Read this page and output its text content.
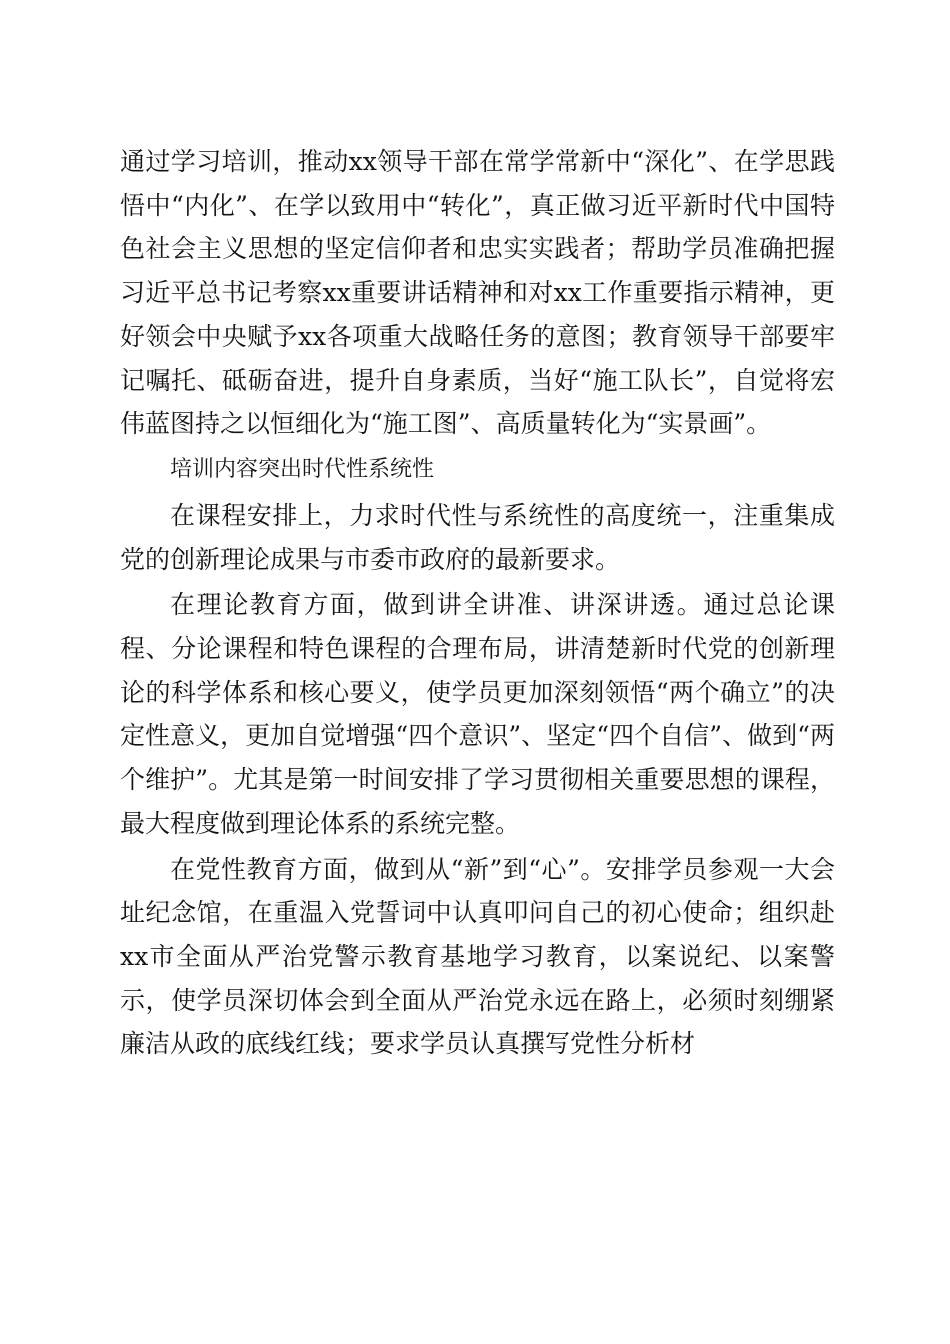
通过学习培训，推动xx领导干部在常学常新中“深化”、在学思践悟中“内化”、在学以致用中“转化”，真正做习近平新时代中国特色社会主义思想的坚定信仰者和忠实实践者；帮助学员准确把握习近平总书记考察xx重要讲话精神和对xx工作重要指示精神，更好领会中央赋予xx各项重大战略任务的意图；教育领导干部要牢记嘱托、砥砺奋进，提升自身素质，当好“施工队长”，自觉将宏伟蓝图持之以恒细化为“施工图”、高质量转化为“实景画”。

培训内容突出时代性系统性

在课程安排上，力求时代性与系统性的高度统一，注重集成党的创新理论成果与市委市政府的最新要求。

在理论教育方面，做到讲全讲准、讲深讲透。通过总论课程、分论课程和特色课程的合理布局，讲清楚新时代党的创新理论的科学体系和核心要义，使学员更加深刻领悟“两个确立”的决定性意义，更加自觉增强“四个意识”、坚定“四个自信”、做到“两个维护”。尤其是第一时间安排了学习贯彻相关重要思想的课程，最大程度做到理论体系的系统完整。

在党性教育方面，做到从“新”到“心”。安排学员参观一大会址纪念馆，在重温入党誓词中认真叩问自己的初心使命；组织赴xx市全面从严治党警示教育基地学习教育，以案说纪、以案警示，使学员深切体会到全面从严治党永远在路上，必须时刻绷紧廉洁从政的底线红线；要求学员认真撰写党性分析材
